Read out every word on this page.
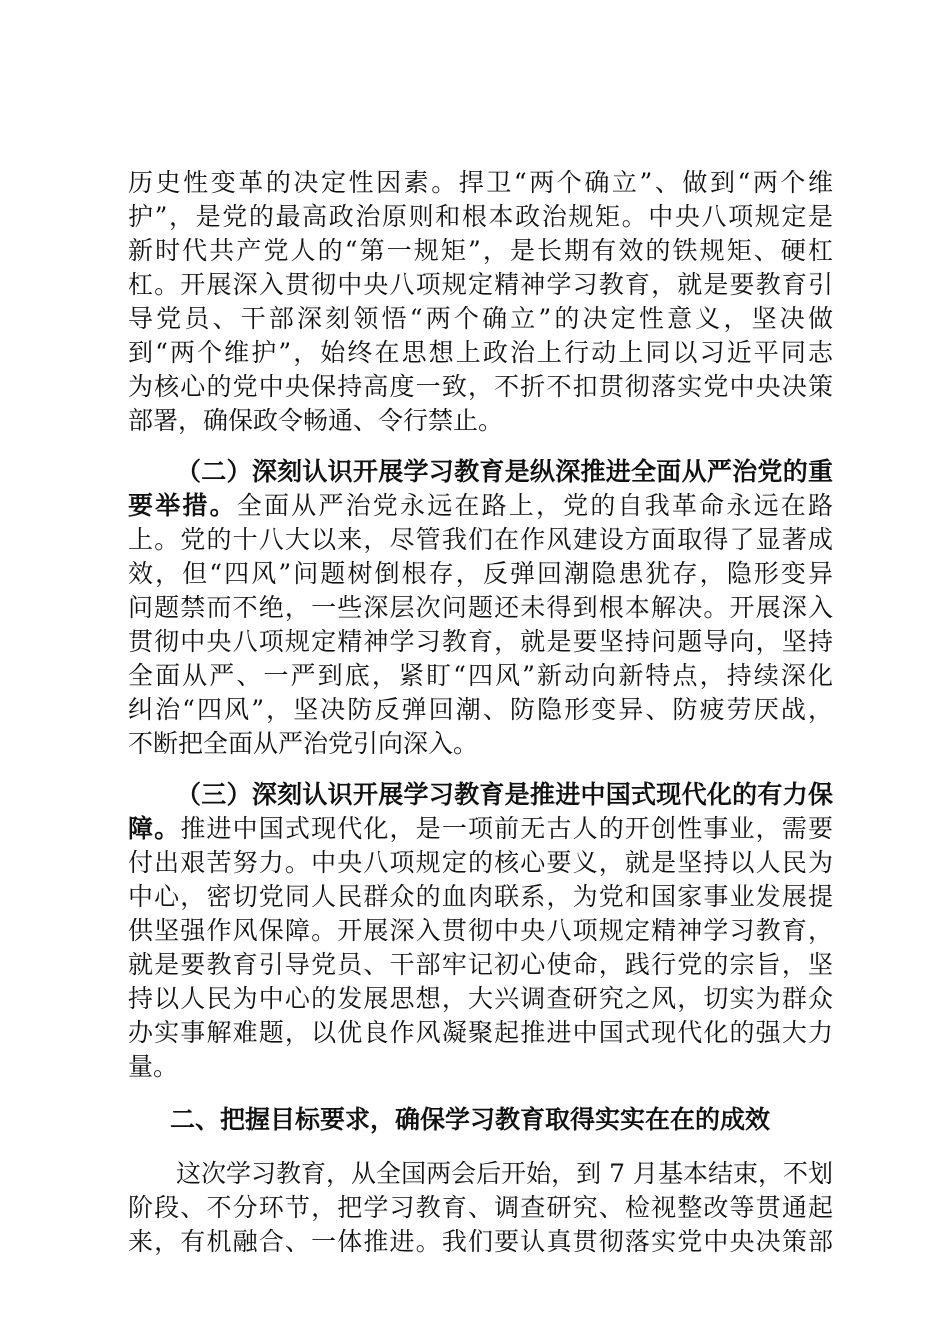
历史性变革的决定性因素。捍卫“两个确立”、做到“两个维
护”，是党的最高政治原则和根本政治规矩。中央八项规定是
新时代共产党人的“第一规矩”，是长期有效的铁规矩、硬杠
杠。开展深入贯彻中央八项规定精神学习教育，就是要教育引
导党员、干部深刻领悟“两个确立”的决定性意义，坚决做
到“两个维护”，始终在思想上政治上行动上同以习近平同志
为核心的党中央保持高度一致，不折不扣贯彻落实党中央决策
部署，确保政令畅通、令行禁止。
（二）深刻认识开展学习教育是纵深推进全面从严治党的重
要举措。全面从严治党永远在路上，党的自我革命永远在路
上。党的十八大以来，尽管我们在作风建设方面取得了显著成
效，但“四风”问题树倒根存，反弹回潮隐患犹存，隐形变异
问题禁而不绝，一些深层次问题还未得到根本解决。开展深入
贯彻中央八项规定精神学习教育，就是要坚持问题导向，坚持
全面从严、一严到底，紧盯“四风”新动向新特点，持续深化
纠治“四风”，坚决防反弹回潮、防隐形变异、防疲劳厌战，
不断把全面从严治党引向深入。
（三）深刻认识开展学习教育是推进中国式现代化的有力保
障。推进中国式现代化，是一项前无古人的开创性事业，需要
付出艰苦努力。中央八项规定的核心要义，就是坚持以人民为
中心，密切党同人民群众的血肉联系，为党和国家事业发展提
供坚强作风保障。开展深入贯彻中央八项规定精神学习教育，
就是要教育引导党员、干部牢记初心使命，践行党的宗旨，坚
持以人民为中心的发展思想，大兴调查研究之风，切实为群众
办实事解难题，以优良作风凝聚起推进中国式现代化的强大力
量。
二、把握目标要求，确保学习教育取得实实在在的成效
这次学习教育，从全国两会后开始，到 7 月基本结束，不划
阶段、不分环节，把学习教育、调查研究、检视整改等贯通起
来，有机融合、一体推进。我们要认真贯彻落实党中央决策部
